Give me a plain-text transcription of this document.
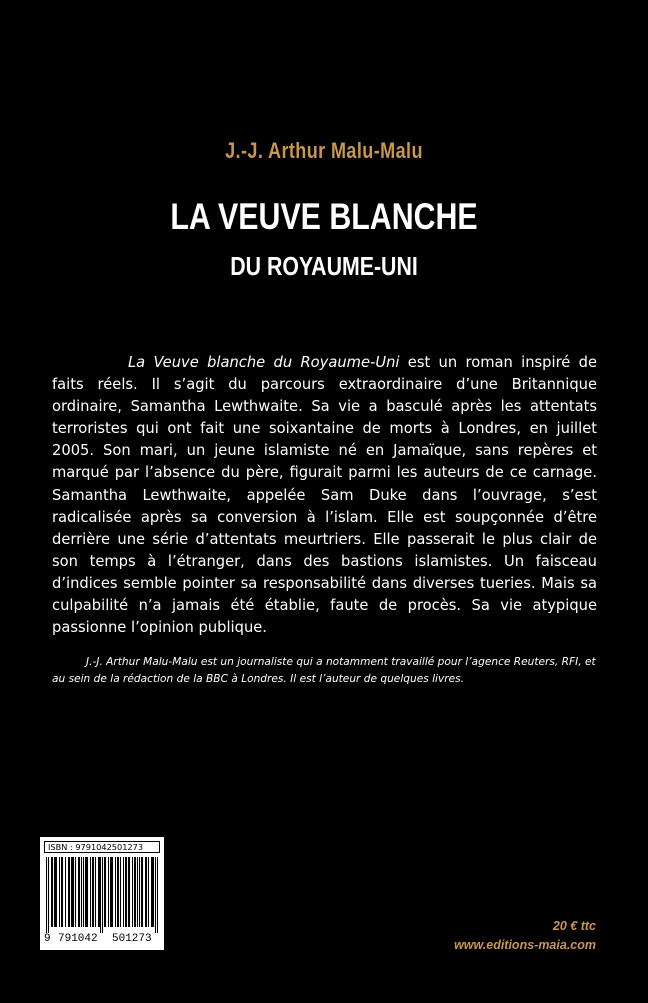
J.-J. Arthur Malu-Malu
LA VEUVE BLANCHE
DU ROYAUME-UNI

La Veuve blanche du Royaume-Uni est un roman inspiré de faits réels. Il s’agit du parcours extraordinaire d’une Britannique ordinaire, Samantha Lewthwaite. Sa vie a basculé après les attentats terroristes qui ont fait une soixantaine de morts à Londres, en juillet 2005. Son mari, un jeune islamiste né en Jamaïque, sans repères et marqué par l’absence du père, figurait parmi les auteurs de ce carnage. Samantha Lewthwaite, appelée Sam Duke dans l’ouvrage, s’est radicalisée après sa conversion à l’islam. Elle est soupçonnée d’être derrière une série d’attentats meurtriers. Elle passerait le plus clair de son temps à l’étranger, dans des bastions islamistes. Un faisceau d’indices semble pointer sa responsabilité dans diverses tueries. Mais sa culpabilité n’a jamais été établie, faute de procès. Sa vie atypique passionne l’opinion publique.

J.-J. Arthur Malu-Malu est un journaliste qui a notamment travaillé pour l’agence Reuters, RFI, et au sein de la rédaction de la BBC à Londres. Il est l’auteur de quelques livres.

ISBN : 9791042501273
9 791042 501273
20 € ttc
www.editions-maia.com
